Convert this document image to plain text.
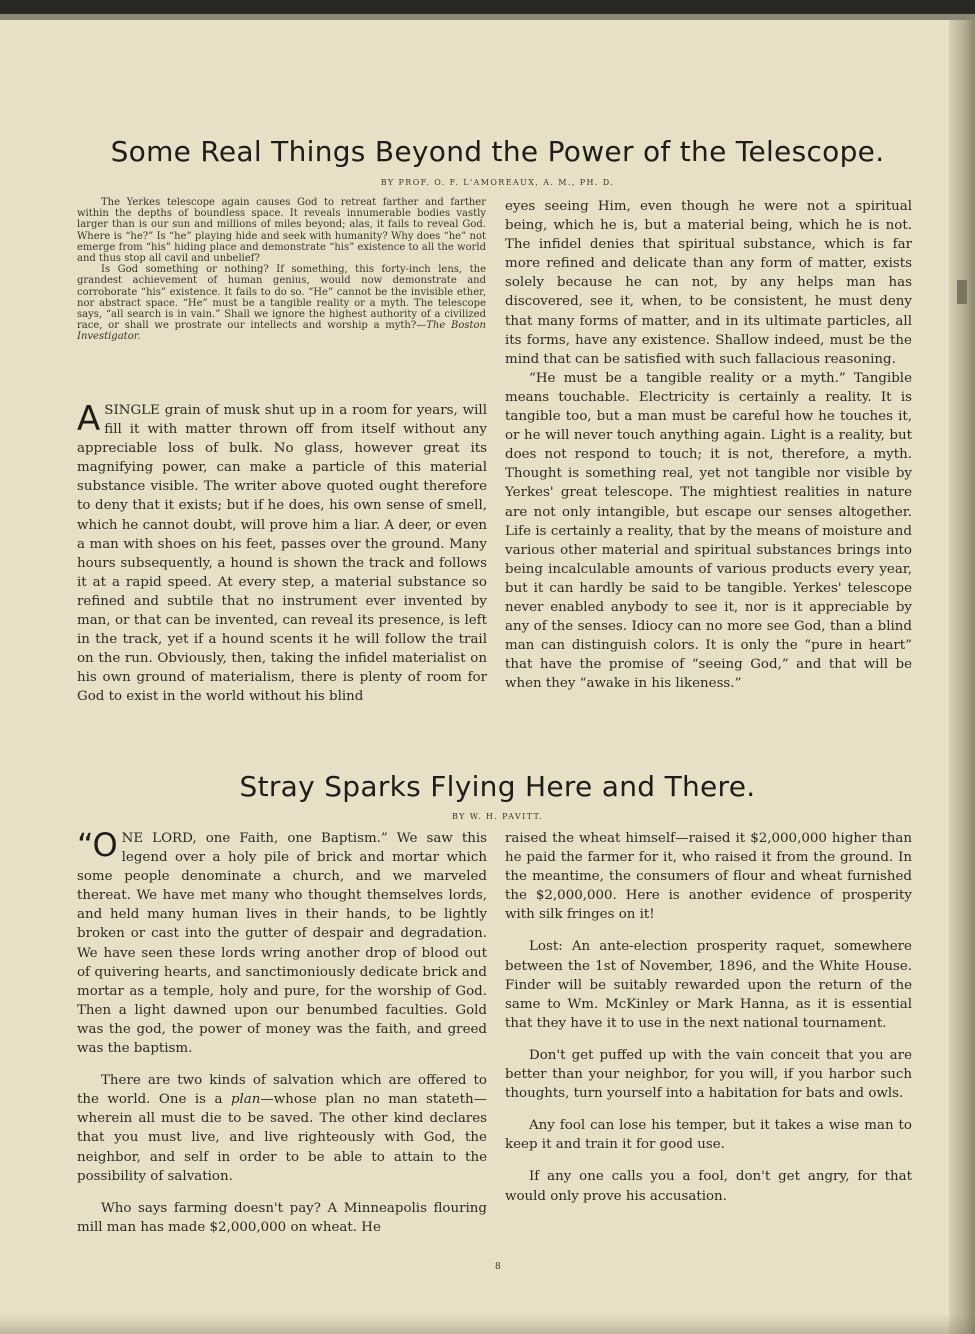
Some Real Things Beyond the Power of the Telescope.
BY PROF. O. F. L'AMOREAUX, A. M., PH. D.

The Yerkes telescope again causes God to retreat farther and farther within the depths of boundless space. It reveals innumerable bodies vastly larger than is our sun and millions of miles beyond; alas, it fails to reveal God. Where is “he?” Is “he” playing hide and seek with humanity? Why does “he” not emerge from “his” hiding place and demonstrate “his” existence to all the world and thus stop all cavil and unbelief?

Is God something or nothing? If something, this forty-inch lens, the grandest achievement of human genius, would now demonstrate and corroborate “his” existence. It fails to do so. “He” cannot be the invisible ether, nor abstract space. “He” must be a tangible reality or a myth. The telescope says, “all search is in vain.” Shall we ignore the highest authority of a civilized race, or shall we prostrate our intellects and worship a myth?—The Boston Investigator.

ASINGLE grain of musk shut up in a room for years, will fill it with matter thrown off from itself without any appreciable loss of bulk. No glass, however great its magnifying power, can make a particle of this material substance visible. The writer above quoted ought therefore to deny that it exists; but if he does, his own sense of smell, which he cannot doubt, will prove him a liar. A deer, or even a man with shoes on his feet, passes over the ground. Many hours subsequently, a hound is shown the track and follows it at a rapid speed. At every step, a material substance so refined and subtile that no instrument ever invented by man, or that can be invented, can reveal its presence, is left in the track, yet if a hound scents it he will follow the trail on the run. Obviously, then, taking the infidel materialist on his own ground of materialism, there is plenty of room for God to exist in the world without his blind

eyes seeing Him, even though he were not a spiritual being, which he is, but a material being, which he is not. The infidel denies that spiritual substance, which is far more refined and delicate than any form of matter, exists solely because he can not, by any helps man has discovered, see it, when, to be consistent, he must deny that many forms of matter, and in its ultimate particles, all its forms, have any existence. Shallow indeed, must be the mind that can be satisfied with such fallacious reasoning.

“He must be a tangible reality or a myth.” Tangible means touchable. Electricity is certainly a reality. It is tangible too, but a man must be careful how he touches it, or he will never touch anything again. Light is a reality, but does not respond to touch; it is not, therefore, a myth. Thought is something real, yet not tangible nor visible by Yerkes' great telescope. The mightiest realities in nature are not only intangible, but escape our senses altogether. Life is certainly a reality, that by the means of moisture and various other material and spiritual substances brings into being incalculable amounts of various products every year, but it can hardly be said to be tangible. Yerkes' telescope never enabled anybody to see it, nor is it appreciable by any of the senses. Idiocy can no more see God, than a blind man can distinguish colors. It is only the “pure in heart” that have the promise of “seeing God,” and that will be when they “awake in his likeness.”

Stray Sparks Flying Here and There.
BY W. H. PAVITT.

“O NE LORD, one Faith, one Baptism.” We saw this legend over a holy pile of brick and mortar which some people denominate a church, and we marveled thereat. We have met many who thought themselves lords, and held many human lives in their hands, to be lightly broken or cast into the gutter of despair and degradation. We have seen these lords wring another drop of blood out of quivering hearts, and sanctimoniously dedicate brick and mortar as a temple, holy and pure, for the worship of God. Then a light dawned upon our benumbed faculties. Gold was the god, the power of money was the faith, and greed was the baptism.

There are two kinds of salvation which are offered to the world. One is a plan—whose plan no man stateth—wherein all must die to be saved. The other kind declares that you must live, and live righteously with God, the neighbor, and self in order to be able to attain to the possibility of salvation.

Who says farming doesn't pay? A Minneapolis flouring mill man has made $2,000,000 on wheat. He

raised the wheat himself—raised it $2,000,000 higher than he paid the farmer for it, who raised it from the ground. In the meantime, the consumers of flour and wheat furnished the $2,000,000. Here is another evidence of prosperity with silk fringes on it!

Lost: An ante-election prosperity raquet, somewhere between the 1st of November, 1896, and the White House. Finder will be suitably rewarded upon the return of the same to Wm. McKinley or Mark Hanna, as it is essential that they have it to use in the next national tournament.

Don't get puffed up with the vain conceit that you are better than your neighbor, for you will, if you harbor such thoughts, turn yourself into a habitation for bats and owls.

Any fool can lose his temper, but it takes a wise man to keep it and train it for good use.

If any one calls you a fool, don't get angry, for that would only prove his accusation.

8
